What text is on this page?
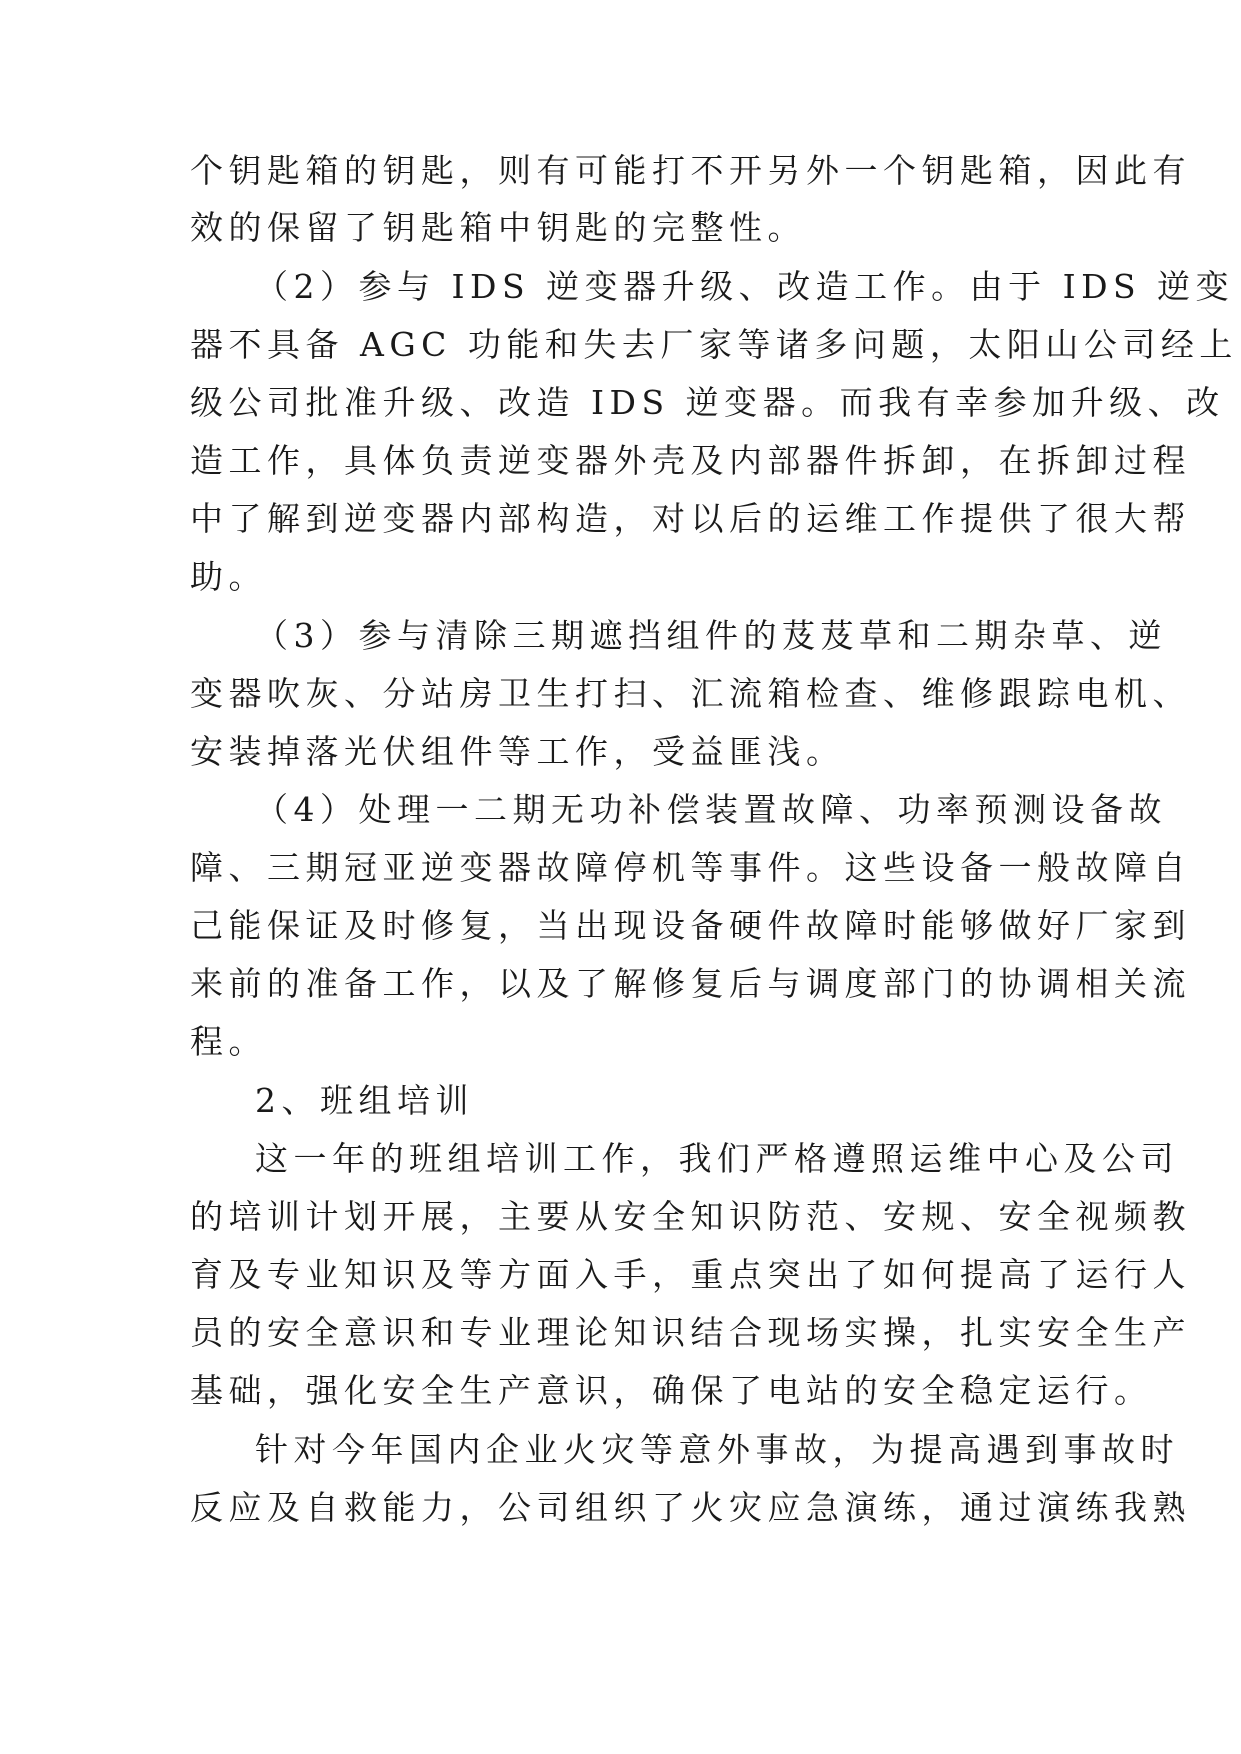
个钥匙箱的钥匙，则有可能打不开另外一个钥匙箱，因此有
效的保留了钥匙箱中钥匙的完整性。
（2）参与 IDS 逆变器升级、改造工作。由于 IDS 逆变
器不具备 AGC 功能和失去厂家等诸多问题，太阳山公司经上
级公司批准升级、改造 IDS 逆变器。而我有幸参加升级、改
造工作，具体负责逆变器外壳及内部器件拆卸，在拆卸过程
中了解到逆变器内部构造，对以后的运维工作提供了很大帮
助。
（3）参与清除三期遮挡组件的芨芨草和二期杂草、逆
变器吹灰、分站房卫生打扫、汇流箱检查、维修跟踪电机、
安装掉落光伏组件等工作，受益匪浅。
（4）处理一二期无功补偿装置故障、功率预测设备故
障、三期冠亚逆变器故障停机等事件。这些设备一般故障自
己能保证及时修复，当出现设备硬件故障时能够做好厂家到
来前的准备工作，以及了解修复后与调度部门的协调相关流
程。
2、班组培训
这一年的班组培训工作，我们严格遵照运维中心及公司
的培训计划开展，主要从安全知识防范、安规、安全视频教
育及专业知识及等方面入手，重点突出了如何提高了运行人
员的安全意识和专业理论知识结合现场实操，扎实安全生产
基础，强化安全生产意识，确保了电站的安全稳定运行。
针对今年国内企业火灾等意外事故，为提高遇到事故时
反应及自救能力，公司组织了火灾应急演练，通过演练我熟
